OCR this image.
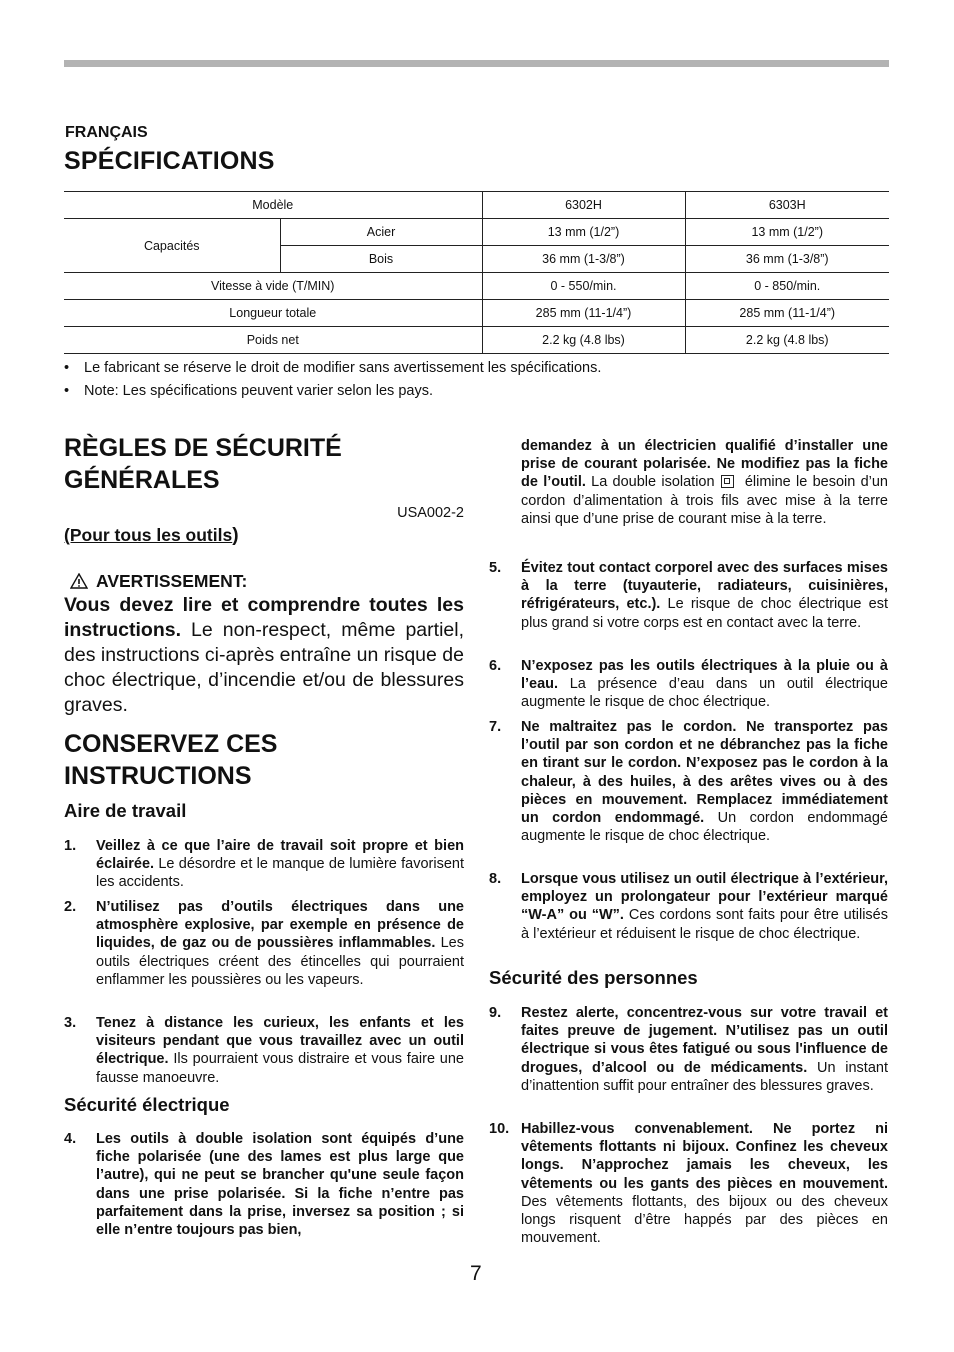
FRANÇAIS
SPÉCIFICATIONS
Modèle		6302H	6303H
Capacités	Acier	13 mm (1/2”)	13 mm (1/2”)
	Bois	36 mm (1-3/8”)	36 mm (1-3/8”)
Vitesse à vide (T/MIN)		0 - 550/min.	0 - 850/min.
Longueur totale		285 mm (11-1/4”)	285 mm (11-1/4”)
Poids net		2.2 kg (4.8 lbs)	2.2 kg (4.8 lbs)
• Le fabricant se réserve le droit de modifier sans avertissement les spécifications.
• Note: Les spécifications peuvent varier selon les pays.
RÈGLES DE SÉCURITÉ
GÉNÉRALES
USA002-2
(Pour tous les outils)
AVERTISSEMENT:
Vous devez lire et comprendre toutes les instructions. Le non-respect, même partiel, des instructions ci-après entraîne un risque de choc électrique, d’incendie et/ou de blessures graves.
CONSERVEZ CES
INSTRUCTIONS
Aire de travail
1. Veillez à ce que l’aire de travail soit propre et bien éclairée. Le désordre et le manque de lumière favorisent les accidents.
2. N’utilisez pas d’outils électriques dans une atmosphère explosive, par exemple en présence de liquides, de gaz ou de poussières inflammables. Les outils électriques créent des étincelles qui pourraient enflammer les poussières ou les vapeurs.
3. Tenez à distance les curieux, les enfants et les visiteurs pendant que vous travaillez avec un outil électrique. Ils pourraient vous distraire et vous faire une fausse manoeuvre.
Sécurité électrique
4. Les outils à double isolation sont équipés d’une fiche polarisée (une des lames est plus large que l’autre), qui ne peut se brancher qu'une seule façon dans une prise polarisée. Si la fiche n’entre pas parfaitement dans la prise, inversez sa position ; si elle n’entre toujours pas bien,
demandez à un électricien qualifié d’installer une prise de courant polarisée. Ne modifiez pas la fiche de l’outil. La double isolation élimine le besoin d’un cordon d’alimentation à trois fils avec mise à la terre ainsi que d’une prise de courant mise à la terre.
5. Évitez tout contact corporel avec des surfaces mises à la terre (tuyauterie, radiateurs, cuisinières, réfrigérateurs, etc.). Le risque de choc électrique est plus grand si votre corps est en contact avec la terre.
6. N’exposez pas les outils électriques à la pluie ou à l’eau. La présence d’eau dans un outil électrique augmente le risque de choc électrique.
7. Ne maltraitez pas le cordon. Ne transportez pas l’outil par son cordon et ne débranchez pas la fiche en tirant sur le cordon. N’exposez pas le cordon à la chaleur, à des huiles, à des arêtes vives ou à des pièces en mouvement. Remplacez immédiatement un cordon endommagé. Un cordon endommagé augmente le risque de choc électrique.
8. Lorsque vous utilisez un outil électrique à l’extérieur, employez un prolongateur pour l’extérieur marqué “W-A” ou “W”. Ces cordons sont faits pour être utilisés à l’extérieur et réduisent le risque de choc électrique.
Sécurité des personnes
9. Restez alerte, concentrez-vous sur votre travail et faites preuve de jugement. N’utilisez pas un outil électrique si vous êtes fatigué ou sous l'influence de drogues, d’alcool ou de médicaments. Un instant d’inattention suffit pour entraîner des blessures graves.
10. Habillez-vous convenablement. Ne portez ni vêtements flottants ni bijoux. Confinez les cheveux longs. N’approchez jamais les cheveux, les vêtements ou les gants des pièces en mouvement. Des vêtements flottants, des bijoux ou des cheveux longs risquent d’être happés par des pièces en mouvement.
7
